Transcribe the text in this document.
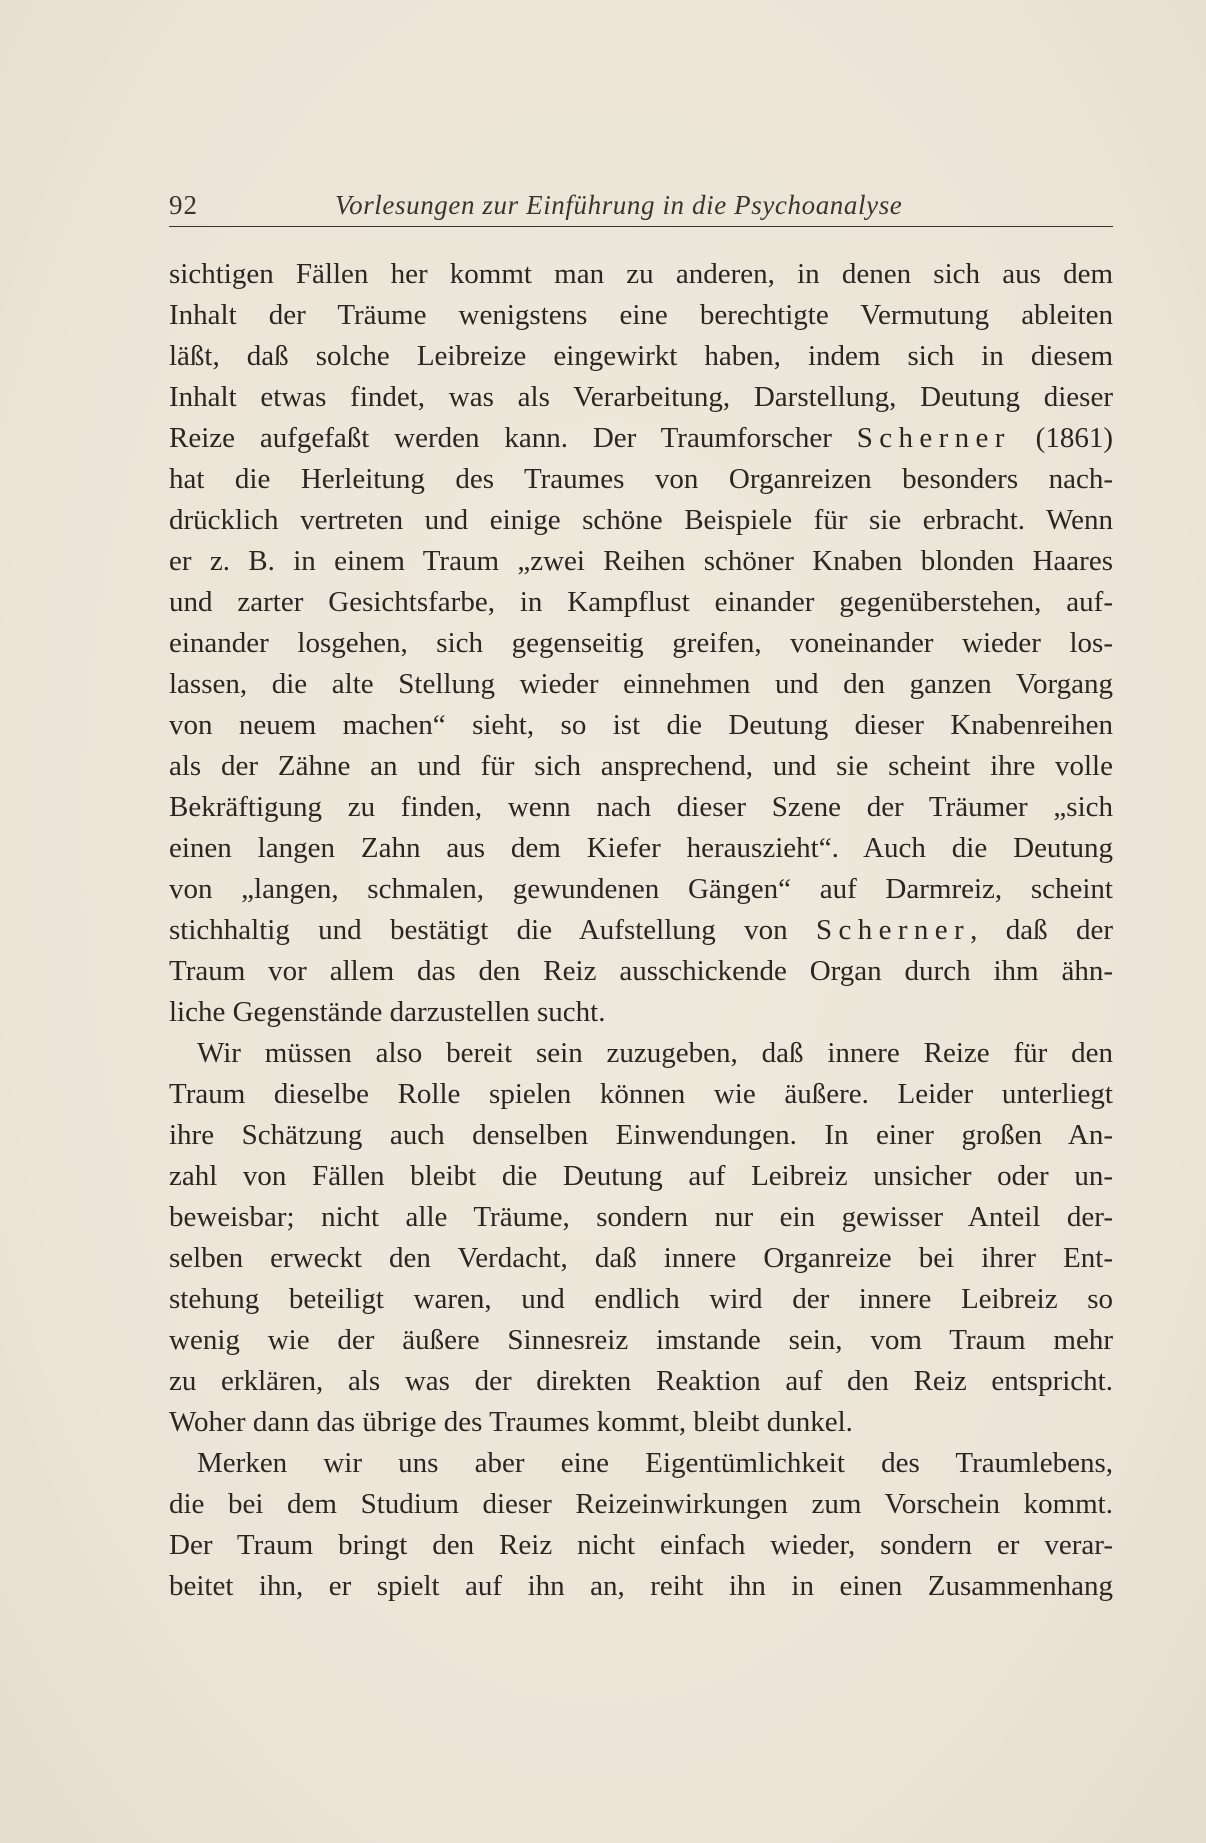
92	Vorlesungen zur Einführung in die Psychoanalyse
sichtigen Fällen her kommt man zu anderen, in denen sich aus dem
Inhalt der Träume wenigstens eine berechtigte Vermutung ableiten
läßt, daß solche Leibreize eingewirkt haben, indem sich in diesem
Inhalt etwas findet, was als Verarbeitung, Darstellung, Deutung dieser
Reize aufgefaßt werden kann. Der Traumforscher Scherner (1861)
hat die Herleitung des Traumes von Organreizen besonders nach-
drücklich vertreten und einige schöne Beispiele für sie erbracht. Wenn
er z. B. in einem Traum „zwei Reihen schöner Knaben blonden Haares
und zarter Gesichtsfarbe, in Kampflust einander gegenüberstehen, auf-
einander losgehen, sich gegenseitig greifen, voneinander wieder los-
lassen, die alte Stellung wieder einnehmen und den ganzen Vorgang
von neuem machen“ sieht, so ist die Deutung dieser Knabenreihen
als der Zähne an und für sich ansprechend, und sie scheint ihre volle
Bekräftigung zu finden, wenn nach dieser Szene der Träumer „sich
einen langen Zahn aus dem Kiefer herauszieht“. Auch die Deutung
von „langen, schmalen, gewundenen Gängen“ auf Darmreiz, scheint
stichhaltig und bestätigt die Aufstellung von Scherner, daß der
Traum vor allem das den Reiz ausschickende Organ durch ihm ähn-
liche Gegenstände darzustellen sucht.
Wir müssen also bereit sein zuzugeben, daß innere Reize für den
Traum dieselbe Rolle spielen können wie äußere. Leider unterliegt
ihre Schätzung auch denselben Einwendungen. In einer großen An-
zahl von Fällen bleibt die Deutung auf Leibreiz unsicher oder un-
beweisbar; nicht alle Träume, sondern nur ein gewisser Anteil der-
selben erweckt den Verdacht, daß innere Organreize bei ihrer Ent-
stehung beteiligt waren, und endlich wird der innere Leibreiz so
wenig wie der äußere Sinnesreiz imstande sein, vom Traum mehr
zu erklären, als was der direkten Reaktion auf den Reiz entspricht.
Woher dann das übrige des Traumes kommt, bleibt dunkel.
Merken wir uns aber eine Eigentümlichkeit des Traumlebens,
die bei dem Studium dieser Reizeinwirkungen zum Vorschein kommt.
Der Traum bringt den Reiz nicht einfach wieder, sondern er verar-
beitet ihn, er spielt auf ihn an, reiht ihn in einen Zusammenhang
